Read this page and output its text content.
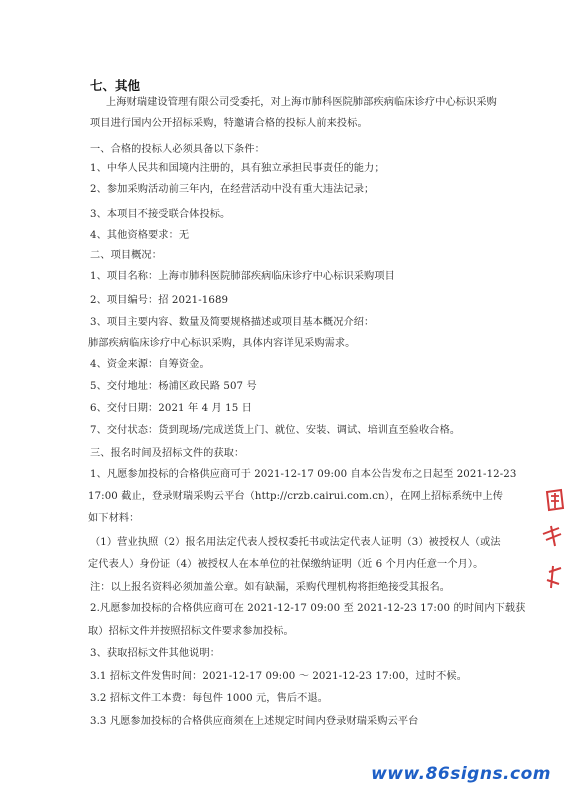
七、其他
上海财瑞建设管理有限公司受委托，对上海市肺科医院肺部疾病临床诊疗中心标识采购
项目进行国内公开招标采购，特邀请合格的投标人前来投标。
一、合格的投标人必须具备以下条件：
1、中华人民共和国境内注册的，具有独立承担民事责任的能力；
2、参加采购活动前三年内，在经营活动中没有重大违法记录；
3、本项目不接受联合体投标。
4、其他资格要求：无
二、项目概况：
1、项目名称：上海市肺科医院肺部疾病临床诊疗中心标识采购项目
2、项目编号：招 2021-1689
3、项目主要内容、数量及简要规格描述或项目基本概况介绍：
肺部疾病临床诊疗中心标识采购，具体内容详见采购需求。
4、资金来源：自筹资金。
5、交付地址：杨浦区政民路 507 号
6、交付日期：2021 年 4 月 15 日
7、交付状态：货到现场/完成送货上门、就位、安装、调试、培训直至验收合格。
三、报名时间及招标文件的获取：
1、凡愿参加投标的合格供应商可于 2021-12-17 09:00 自本公告发布之日起至 2021-12-23
17:00 截止，登录财瑞采购云平台（http://crzb.cairui.com.cn），在网上招标系统中上传
如下材料：
（1）营业执照（2）报名用法定代表人授权委托书或法定代表人证明（3）被授权人（或法
定代表人）身份证（4）被授权人在本单位的社保缴纳证明（近 6 个月内任意一个月）。
注：以上报名资料必须加盖公章。如有缺漏，采购代理机构将拒绝接受其报名。
2.凡愿参加投标的合格供应商可在 2021-12-17 09:00 至 2021-12-23 17:00 的时间内下载获
取）招标文件并按照招标文件要求参加投标。
3、获取招标文件其他说明：
3.1 招标文件发售时间：2021-12-17 09:00 ～ 2021-12-23 17:00，过时不候。
3.2 招标文件工本费：每包件 1000 元，售后不退。
3.3 凡愿参加投标的合格供应商须在上述规定时间内登录财瑞采购云平台
www.86signs.com
